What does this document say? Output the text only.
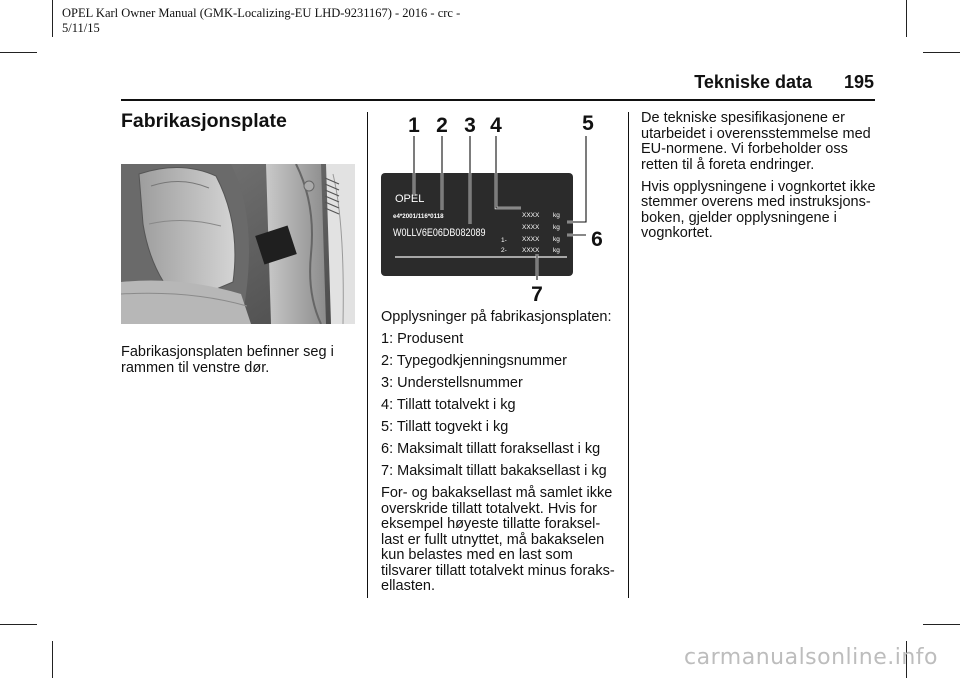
OPEL Karl Owner Manual (GMK-Localizing-EU LHD-9231167) - 2016 - crc -
5/11/15
Tekniske data 195
Fabrikasjonsplate
Fabrikasjonsplaten befinner seg i rammen til venstre dør.
OPEL
e4*2001/116*0118
W0LLV6E06DB082089
1-
2-
XXXX
XXXX
XXXX
XXXX
kg
kg
kg
kg
1 2 3 4	5
6
7

Opplysninger på fabrikasjonsplaten:

1: Produsent

2: Typegodkjenningsnummer

3: Understellsnummer

4: Tillatt totalvekt i kg

5: Tillatt togvekt i kg

6: Maksimalt tillatt foraksellast i kg

7: Maksimalt tillatt bakaksellast i kg

For- og bakaksellast må samlet ikke
overskride tillatt totalvekt. Hvis for
eksempel høyeste tillatte foraksel-
last er fullt utnyttet, må bakakselen
kun belastes med en last som
tilsvarer tillatt totalvekt minus foraks-
ellasten.

De tekniske spesifikasjonene er
utarbeidet i overensstemmelse med
EU-normene. Vi forbeholder oss
retten til å foreta endringer.

Hvis opplysningene i vognkortet ikke
stemmer overens med instruksjons-
boken, gjelder opplysningene i
vognkortet.

carmanualsonline.info
